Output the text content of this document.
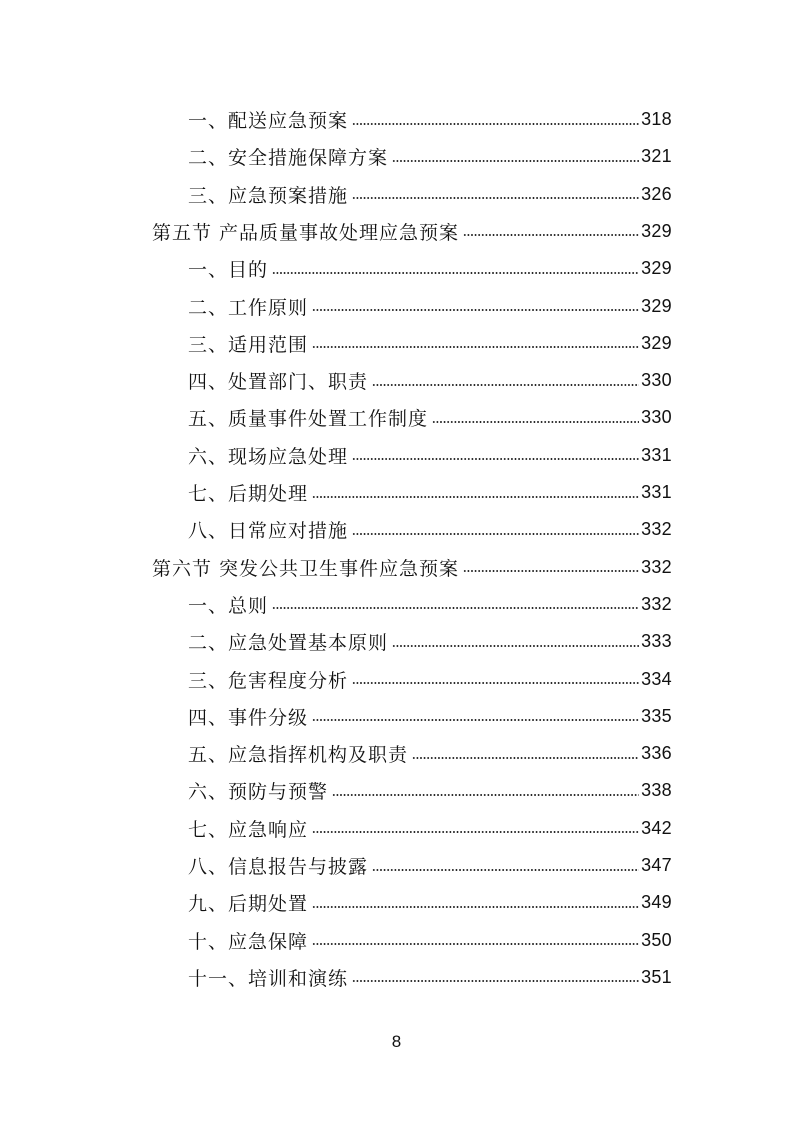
一、配送应急预案	318
二、安全措施保障方案	321
三、应急预案措施	326
第五节 产品质量事故处理应急预案	329
一、目的	329
二、工作原则	329
三、适用范围	329
四、处置部门、职责	330
五、质量事件处置工作制度	330
六、现场应急处理	331
七、后期处理	331
八、日常应对措施	332
第六节 突发公共卫生事件应急预案	332
一、总则	332
二、应急处置基本原则	333
三、危害程度分析	334
四、事件分级	335
五、应急指挥机构及职责	336
六、预防与预警	338
七、应急响应	342
八、信息报告与披露	347
九、后期处置	349
十、应急保障	350
十一、培训和演练	351
8
